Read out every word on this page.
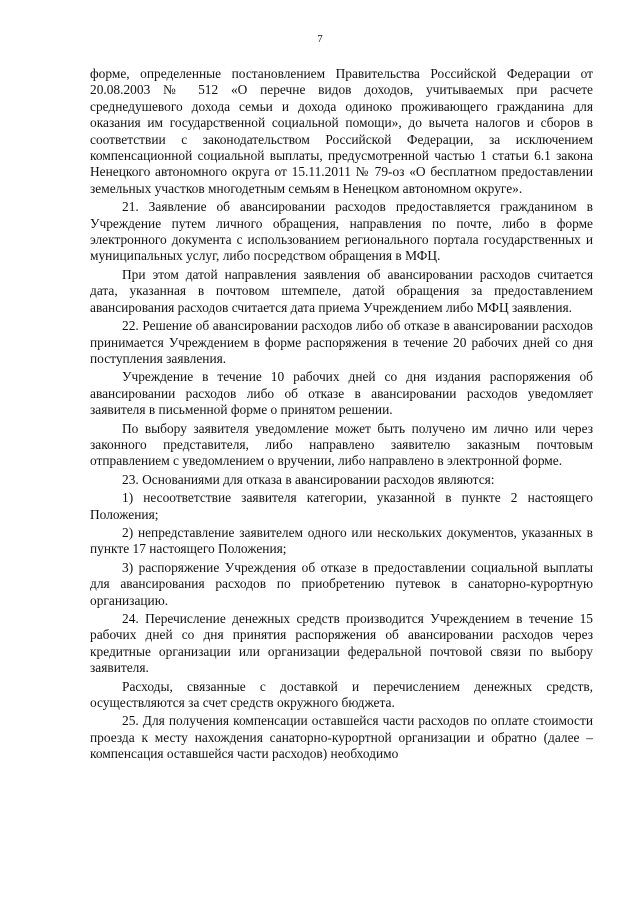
7

форме, определенные постановлением Правительства Российской Федерации от 20.08.2003 № 512 «О перечне видов доходов, учитываемых при расчете среднедушевого дохода семьи и дохода одиноко проживающего гражданина для оказания им государственной социальной помощи», до вычета налогов и сборов в соответствии с законодательством Российской Федерации, за исключением компенсационной социальной выплаты, предусмотренной частью 1 статьи 6.1 закона Ненецкого автономного округа от 15.11.2011 № 79-оз «О бесплатном предоставлении земельных участков многодетным семьям в Ненецком автономном округе».

21. Заявление об авансировании расходов предоставляется гражданином в Учреждение путем личного обращения, направления по почте, либо в форме электронного документа с использованием регионального портала государственных и муниципальных услуг, либо посредством обращения в МФЦ.

При этом датой направления заявления об авансировании расходов считается дата, указанная в почтовом штемпеле, датой обращения за предоставлением авансирования расходов считается дата приема Учреждением либо МФЦ заявления.

22. Решение об авансировании расходов либо об отказе в авансировании расходов принимается Учреждением в форме распоряжения в течение 20 рабочих дней со дня поступления заявления.

Учреждение в течение 10 рабочих дней со дня издания распоряжения об авансировании расходов либо об отказе в авансировании расходов уведомляет заявителя в письменной форме о принятом решении.

По выбору заявителя уведомление может быть получено им лично или через законного представителя, либо направлено заявителю заказным почтовым отправлением с уведомлением о вручении, либо направлено в электронной форме.

23. Основаниями для отказа в авансировании расходов являются:

1) несоответствие заявителя категории, указанной в пункте 2 настоящего Положения;

2) непредставление заявителем одного или нескольких документов, указанных в пункте 17 настоящего Положения;

3) распоряжение Учреждения об отказе в предоставлении социальной выплаты для авансирования расходов по приобретению путевок в санаторно-курортную организацию.

24. Перечисление денежных средств производится Учреждением в течение 15 рабочих дней со дня принятия распоряжения об авансировании расходов через кредитные организации или организации федеральной почтовой связи по выбору заявителя.

Расходы, связанные с доставкой и перечислением денежных средств, осуществляются за счет средств окружного бюджета.

25. Для получения компенсации оставшейся части расходов по оплате стоимости проезда к месту нахождения санаторно-курортной организации и обратно (далее – компенсация оставшейся части расходов) необходимо
